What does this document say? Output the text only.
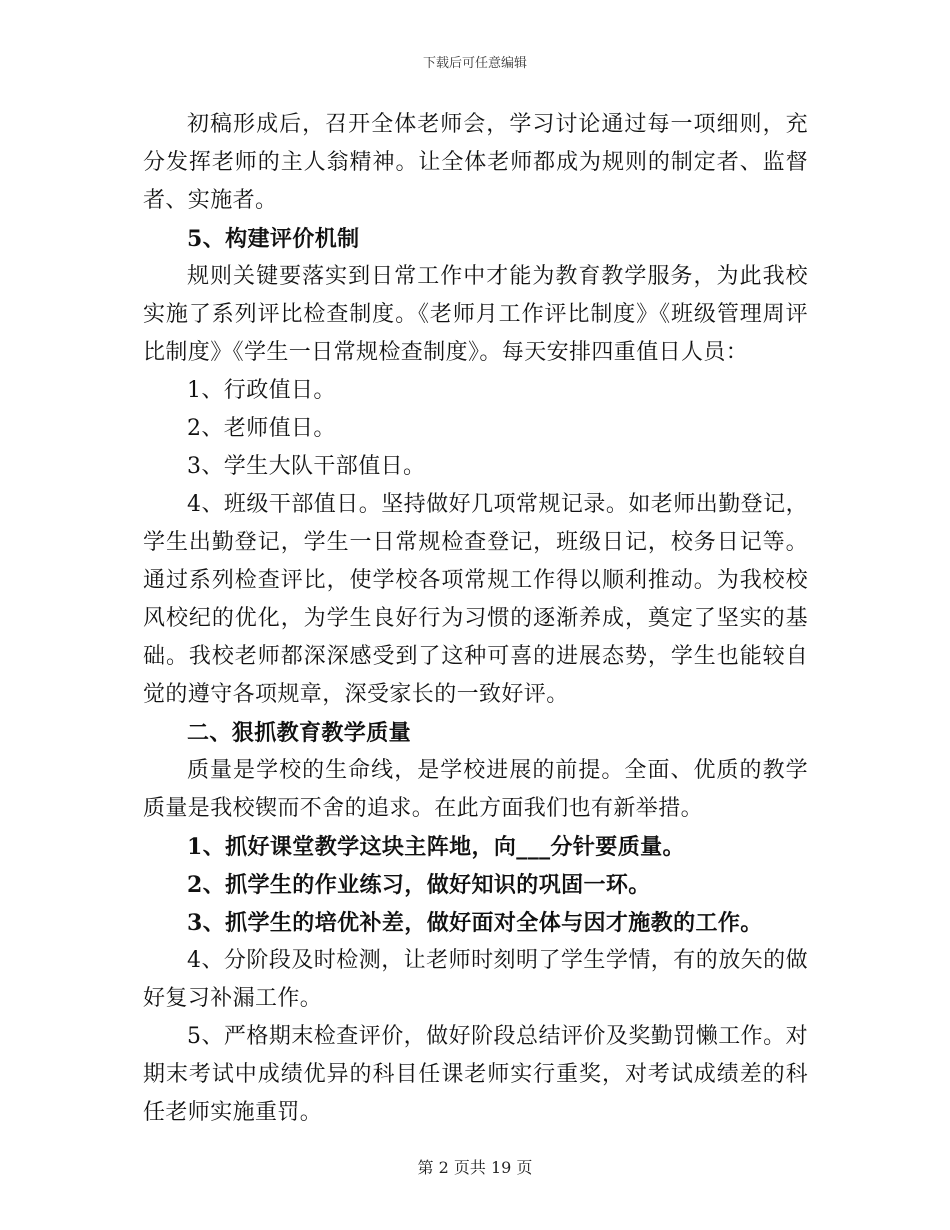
下载后可任意编辑

初稿形成后，召开全体老师会，学习讨论通过每一项细则，充分发挥老师的主人翁精神。让全体老师都成为规则的制定者、监督者、实施者。

5、构建评价机制

规则关键要落实到日常工作中才能为教育教学服务，为此我校实施了系列评比检查制度。《老师月工作评比制度》《班级管理周评比制度》《学生一日常规检查制度》。每天安排四重值日人员：

1、行政值日。

2、老师值日。

3、学生大队干部值日。

4、班级干部值日。坚持做好几项常规记录。如老师出勤登记，学生出勤登记，学生一日常规检查登记，班级日记，校务日记等。通过系列检查评比，使学校各项常规工作得以顺利推动。为我校校风校纪的优化，为学生良好行为习惯的逐渐养成，奠定了坚实的基础。我校老师都深深感受到了这种可喜的进展态势，学生也能较自觉的遵守各项规章，深受家长的一致好评。

二、狠抓教育教学质量

质量是学校的生命线，是学校进展的前提。全面、优质的教学质量是我校锲而不舍的追求。在此方面我们也有新举措。

1、抓好课堂教学这块主阵地，向___分针要质量。

2、抓学生的作业练习，做好知识的巩固一环。

3、抓学生的培优补差，做好面对全体与因才施教的工作。

4、分阶段及时检测，让老师时刻明了学生学情，有的放矢的做好复习补漏工作。

5、严格期末检查评价，做好阶段总结评价及奖勤罚懒工作。对期末考试中成绩优异的科目任课老师实行重奖，对考试成绩差的科任老师实施重罚。

第 2 页共 19 页
